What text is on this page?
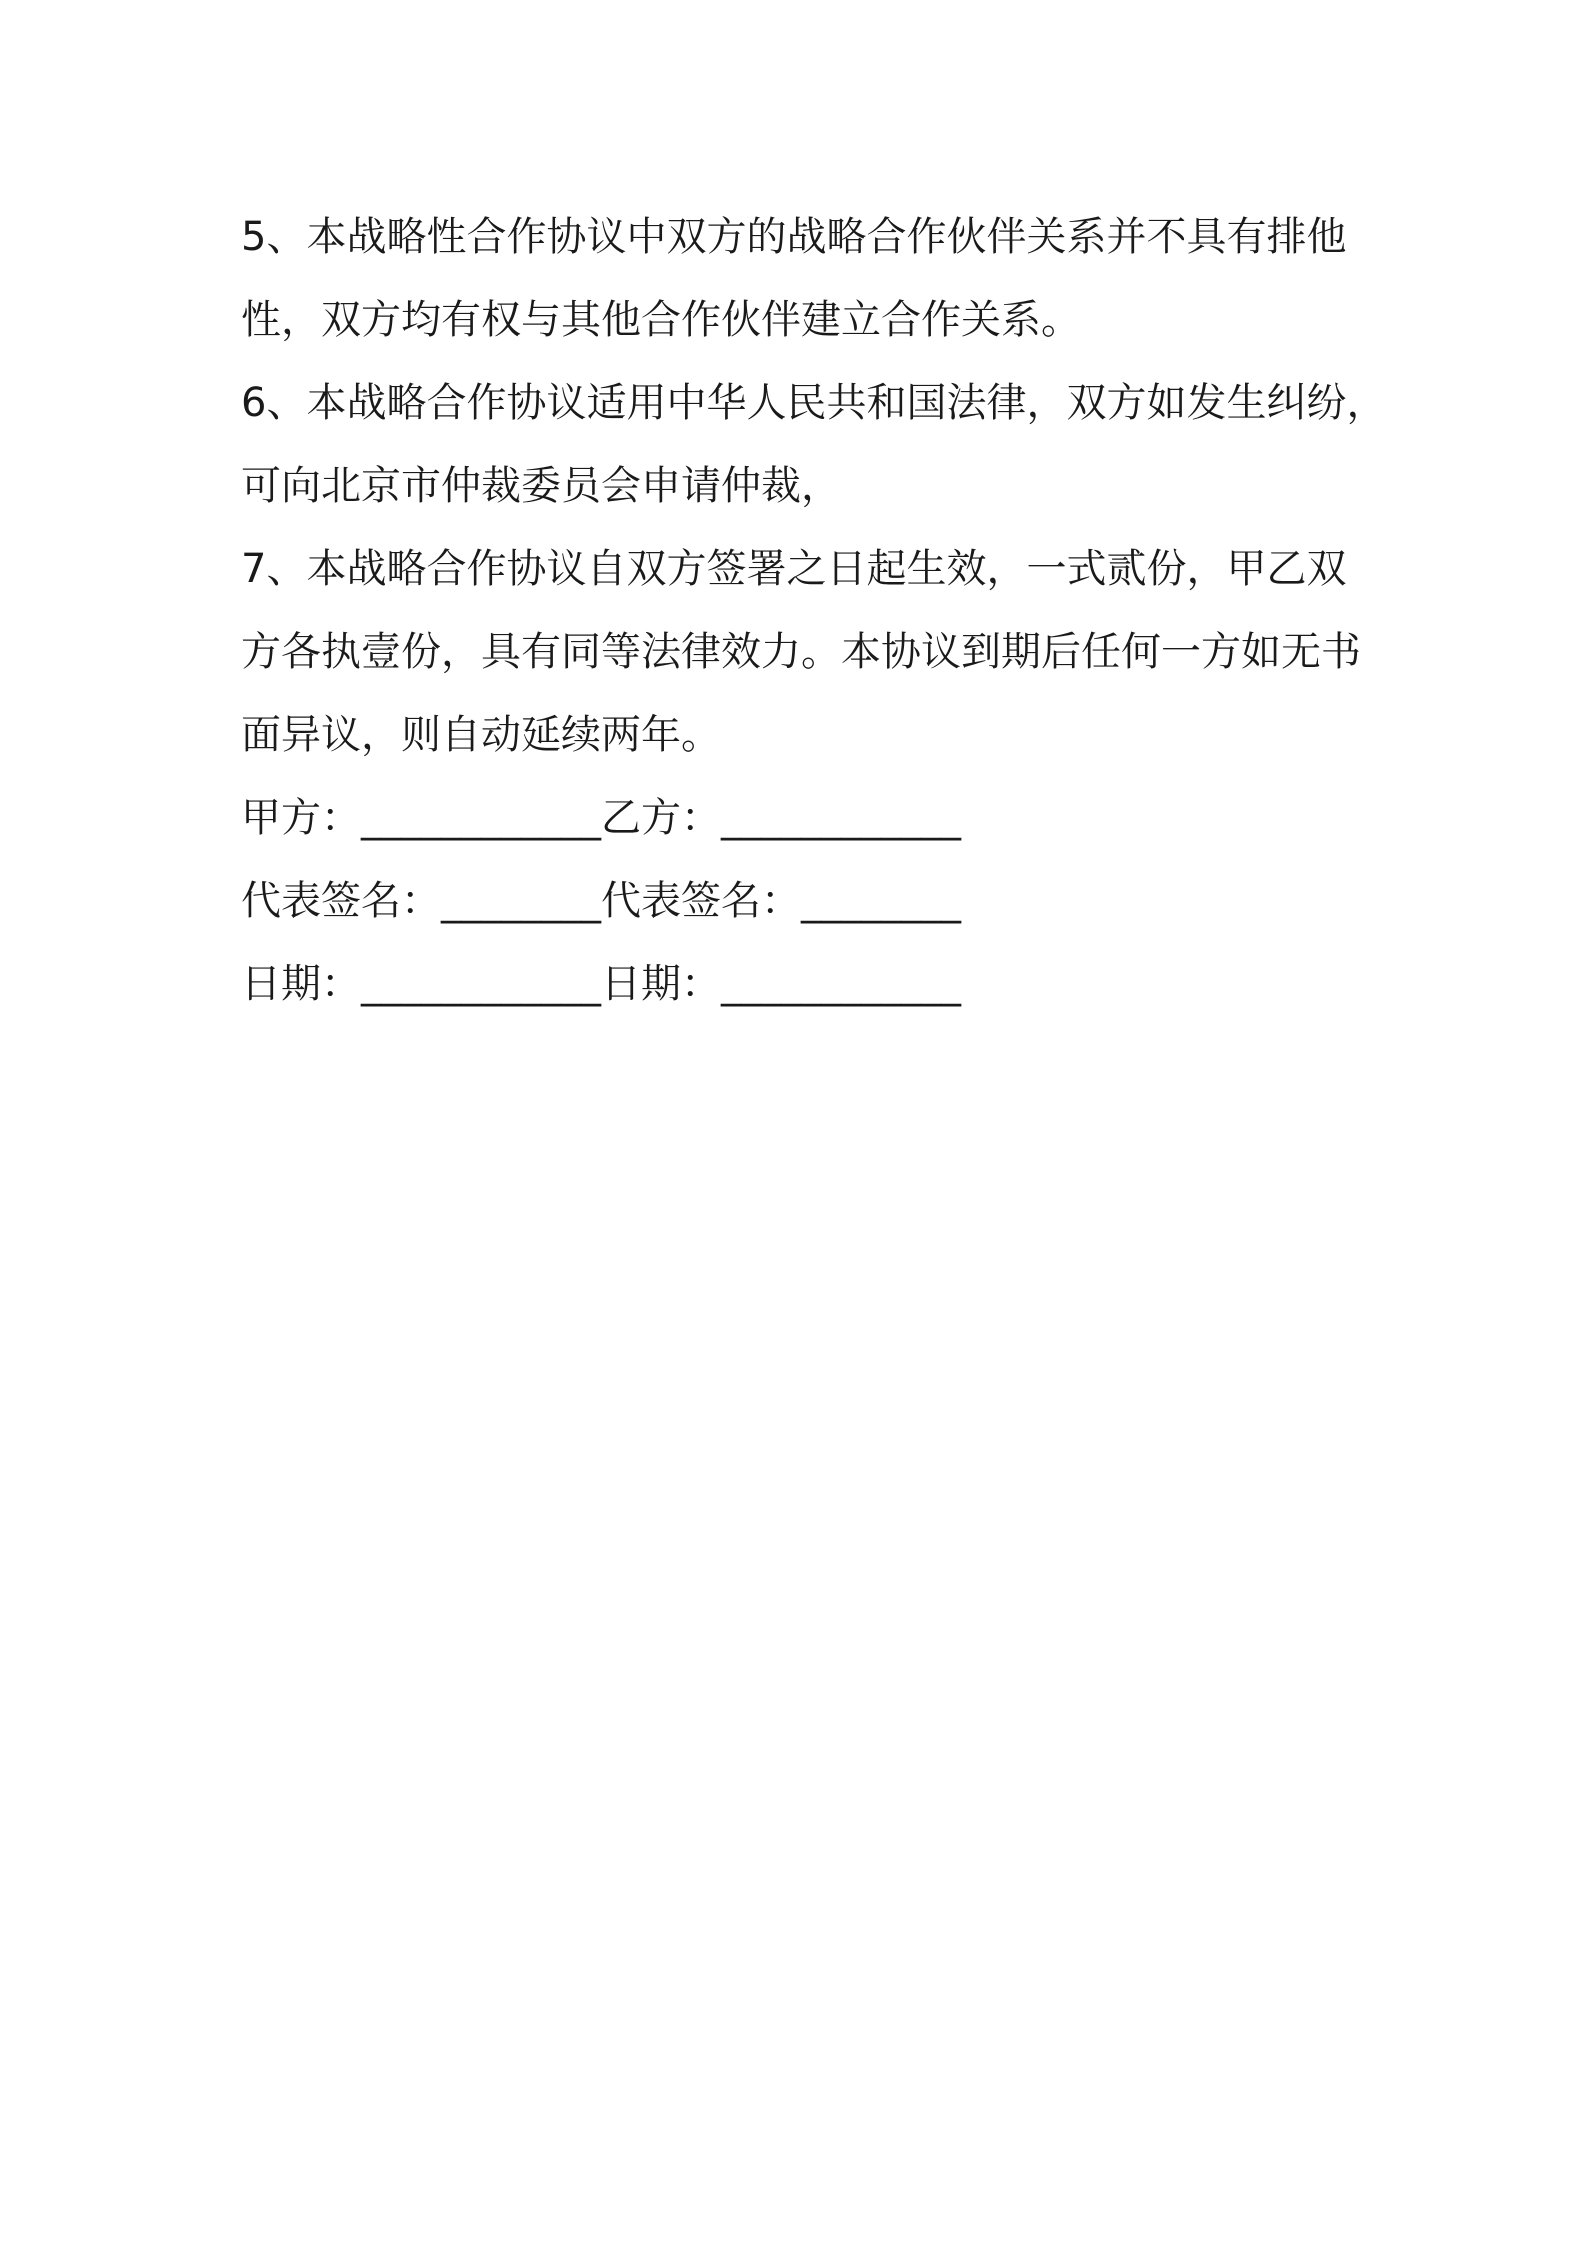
5、本战略性合作协议中双方的战略合作伙伴关系并不具有排他
性，双方均有权与其他合作伙伴建立合作关系。

6、本战略合作协议适用中华人民共和国法律，双方如发生纠纷，
可向北京市仲裁委员会申请仲裁，

7、本战略合作协议自双方签署之日起生效，一式贰份，甲乙双
方各执壹份，具有同等法律效力。本协议到期后任何一方如无书
面异议，则自动延续两年。

甲方：____________乙方：____________
代表签名：________代表签名：________
日期：____________日期：____________
